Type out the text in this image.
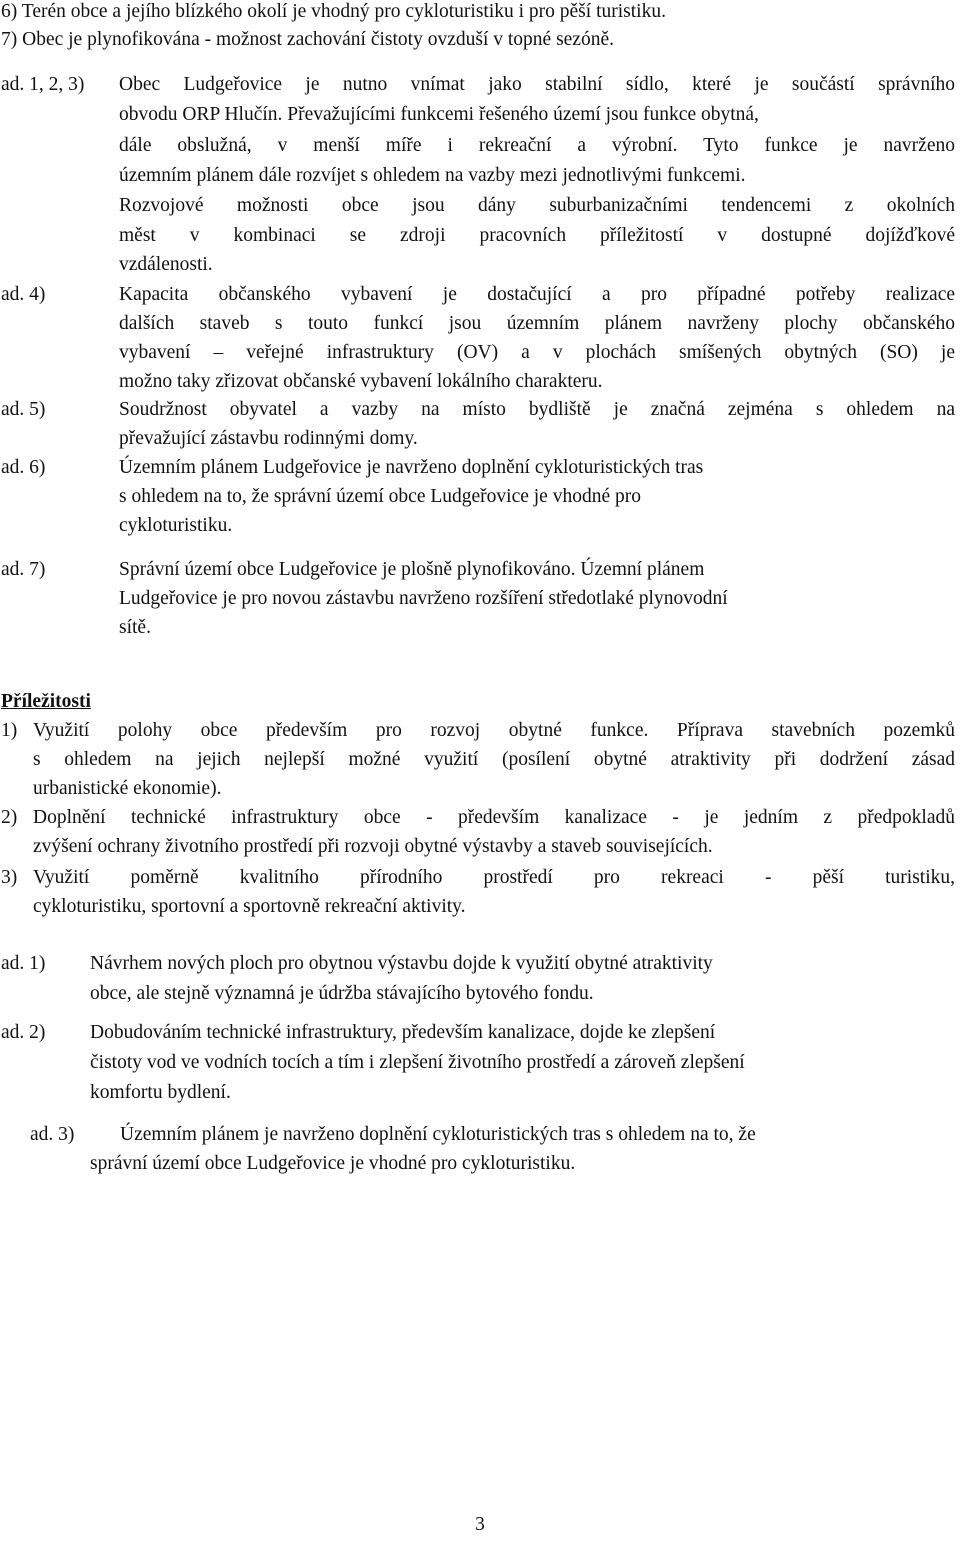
6) Terén obce a jejího blízkého okolí je vhodný pro cykloturistiku i pro pěší turistiku.
7) Obec je plynofikována - možnost zachování čistoty ovzduší v topné sezóně.
ad. 1, 2, 3) Obec Ludgeřovice je nutno vnímat jako stabilní sídlo, které je součástí správního
obvodu ORP Hlučín. Převažujícími funkcemi řešeného území jsou funkce obytná,
dále obslužná, v menší míře i rekreační a výrobní. Tyto funkce je navrženo
územním plánem dále rozvíjet s ohledem na vazby mezi jednotlivými funkcemi.
Rozvojové možnosti obce jsou dány suburbanizačními tendencemi z okolních
měst v kombinaci se zdroji pracovních příležitostí v dostupné dojížďkové
vzdálenosti.
ad. 4)	Kapacita občanského vybavení je dostačující a pro případné potřeby realizace
dalších staveb s touto funkcí jsou územním plánem navrženy plochy občanského
vybavení – veřejné infrastruktury (OV) a v plochách smíšených obytných (SO) je
možno taky zřizovat občanské vybavení lokálního charakteru.
ad. 5)	Soudržnost obyvatel a vazby na místo bydliště je značná zejména s ohledem na
převažující zástavbu rodinnými domy.
ad. 6)	Územním plánem Ludgeřovice je navrženo doplnění cykloturistických tras
s ohledem na to, že správní území obce Ludgeřovice je vhodné pro
cykloturistiku.
ad. 7)	Správní území obce Ludgeřovice je plošně plynofikováno. Územní plánem
Ludgeřovice je pro novou zástavbu navrženo rozšíření středotlaké plynovodní
sítě.
Příležitosti
1) Využití polohy obce především pro rozvoj obytné funkce. Příprava stavebních pozemků
s ohledem na jejich nejlepší možné využití (posílení obytné atraktivity při dodržení zásad
urbanistické ekonomie).
2) Doplnění technické infrastruktury obce - především kanalizace - je jedním z předpokladů
zvýšení ochrany životního prostředí při rozvoji obytné výstavby a staveb souvisejících.
3) Využití poměrně kvalitního přírodního prostředí pro rekreaci - pěší turistiku,
cykloturistiku, sportovní a sportovně rekreační aktivity.
ad. 1) Návrhem nových ploch pro obytnou výstavbu dojde k využití obytné atraktivity
obce, ale stejně významná je údržba stávajícího bytového fondu.
ad. 2) Dobudováním technické infrastruktury, především kanalizace, dojde ke zlepšení
čistoty vod ve vodních tocích a tím i zlepšení životního prostředí a zároveň zlepšení
komfortu bydlení.
ad. 3) Územním plánem je navrženo doplnění cykloturistických tras s ohledem na to, že
správní území obce Ludgeřovice je vhodné pro cykloturistiku.
3
